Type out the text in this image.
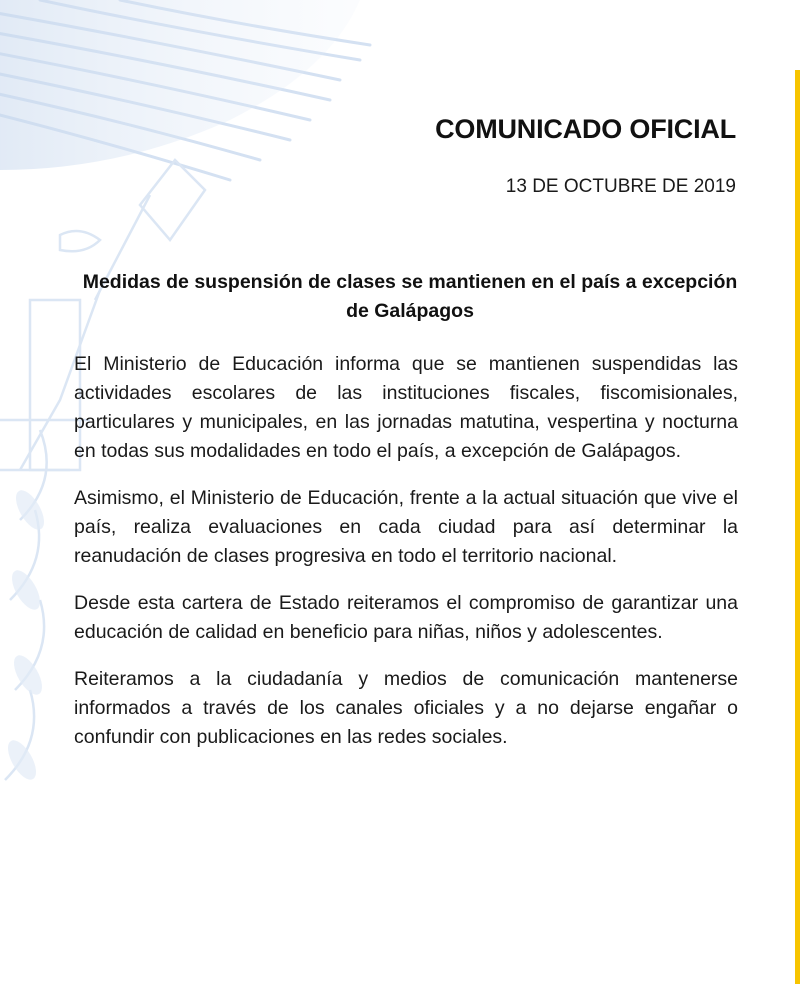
COMUNICADO OFICIAL
13 DE OCTUBRE DE 2019
Medidas de suspensión de clases se mantienen en el país a excepción de Galápagos

El Ministerio de Educación informa que se mantienen suspendidas las actividades escolares de las instituciones fiscales, fiscomisionales, particulares y municipales, en las jornadas matutina, vespertina y nocturna en todas sus modalidades en todo el país, a excepción de Galápagos.

Asimismo, el Ministerio de Educación, frente a la actual situación que vive el país, realiza evaluaciones en cada ciudad para así determinar la reanudación de clases progresiva en todo el territorio nacional.

Desde esta cartera de Estado reiteramos el compromiso de garantizar una educación de calidad en beneficio para niñas, niños y adolescentes.

Reiteramos a la ciudadanía y medios de comunicación mantenerse informados a través de los canales oficiales y a no dejarse engañar o confundir con publicaciones en las redes sociales.
